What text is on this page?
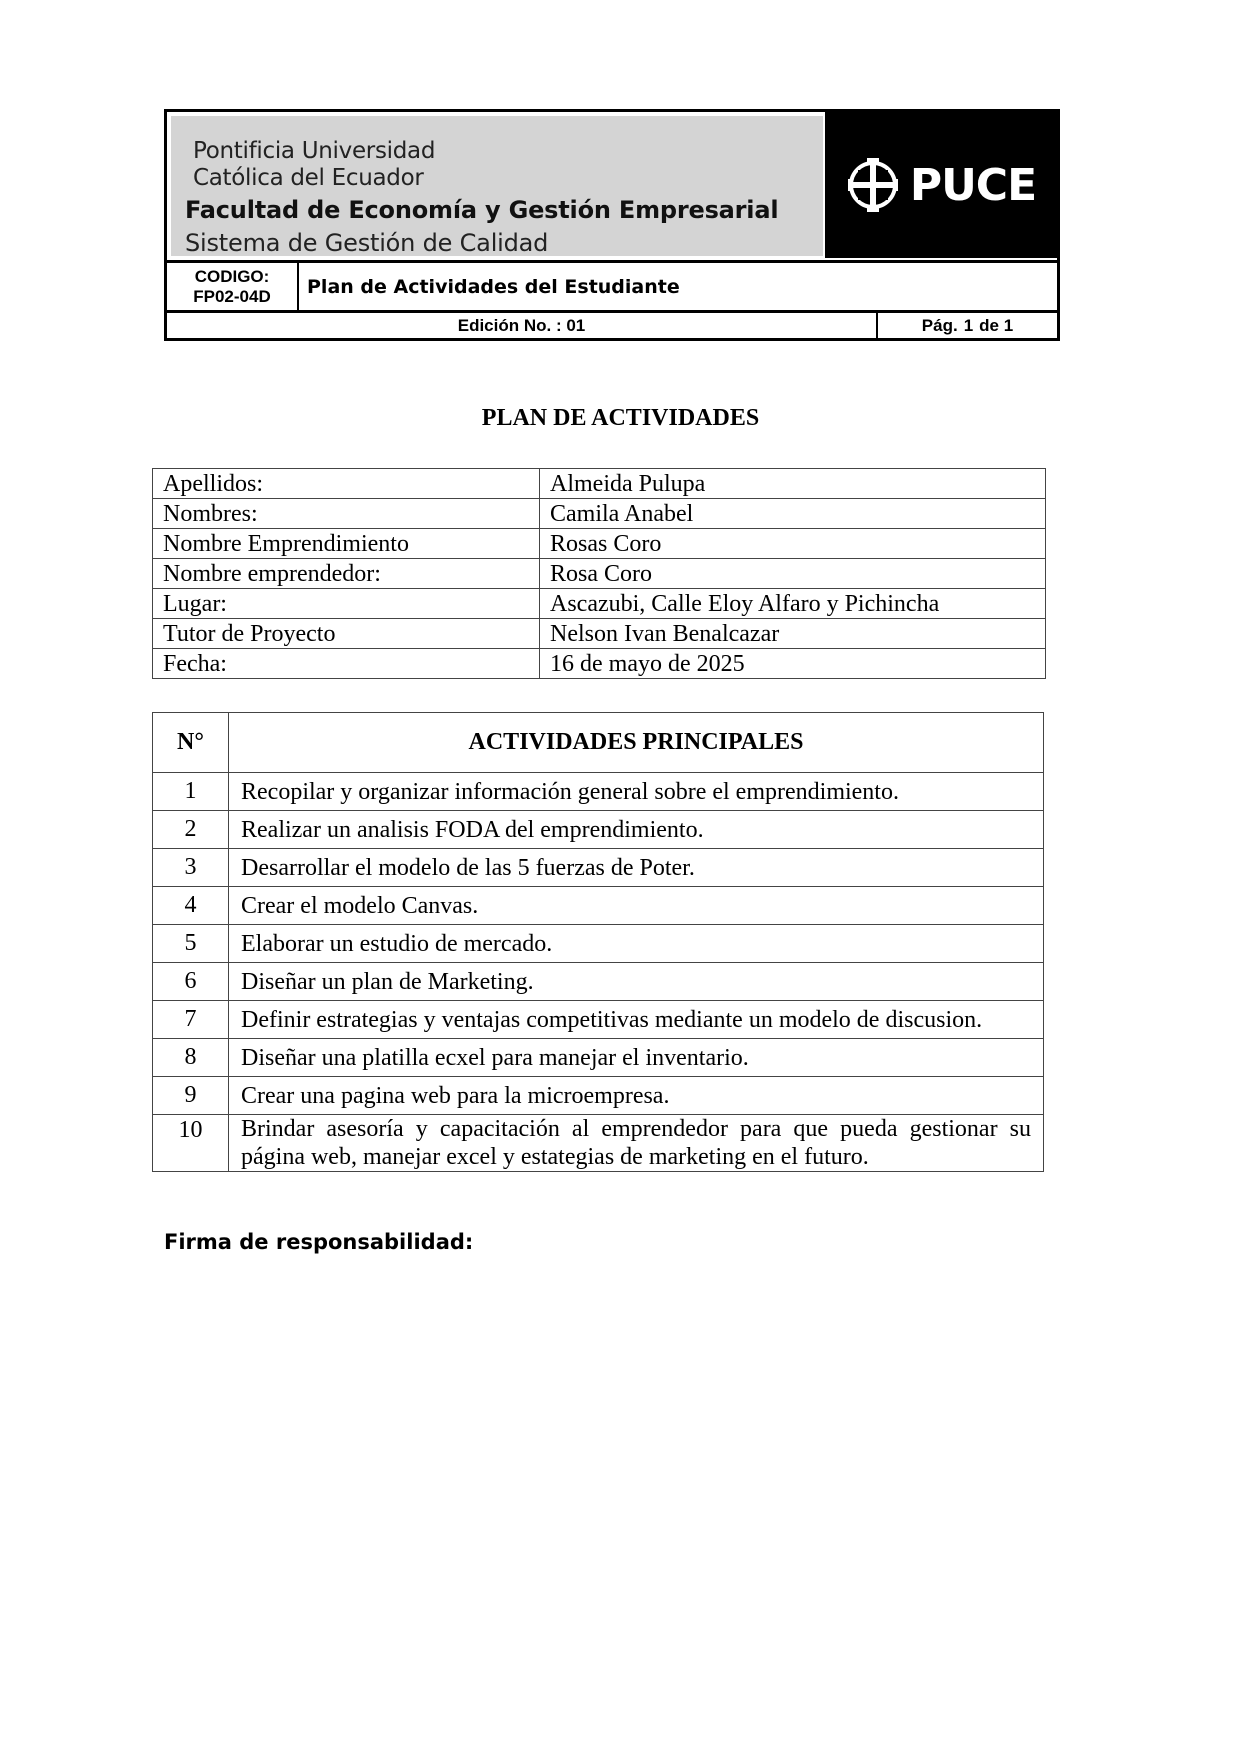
Pontificia Universidad
Católica del Ecuador
Facultad de Economía y Gestión Empresarial
Sistema de Gestión de Calidad
PUCE
CODIGO:
FP02-04D	Plan de Actividades del Estudiante
Edición No. : 01	Pág. 1 de 1
PLAN DE ACTIVIDADES
Apellidos:	Almeida Pulupa
Nombres:	Camila Anabel
Nombre Emprendimiento	Rosas Coro
Nombre emprendedor:	Rosa Coro
Lugar:	Ascazubi, Calle Eloy Alfaro y Pichincha
Tutor de Proyecto	Nelson Ivan Benalcazar
Fecha:	16 de mayo de 2025
N°	ACTIVIDADES PRINCIPALES
1	Recopilar y organizar información general sobre el emprendimiento.
2	Realizar un analisis FODA del emprendimiento.
3	Desarrollar el modelo de las 5 fuerzas de Poter.
4	Crear el modelo Canvas.
5	Elaborar un estudio de mercado.
6	Diseñar un plan de Marketing.
7	Definir estrategias y ventajas competitivas mediante un modelo de discusion.
8	Diseñar una platilla ecxel para manejar el inventario.
9	Crear una pagina web para la microempresa.
10	Brindar asesoría y capacitación al emprendedor para que pueda gestionar su página web, manejar excel y estategias de marketing en el futuro.
Firma de responsabilidad:
